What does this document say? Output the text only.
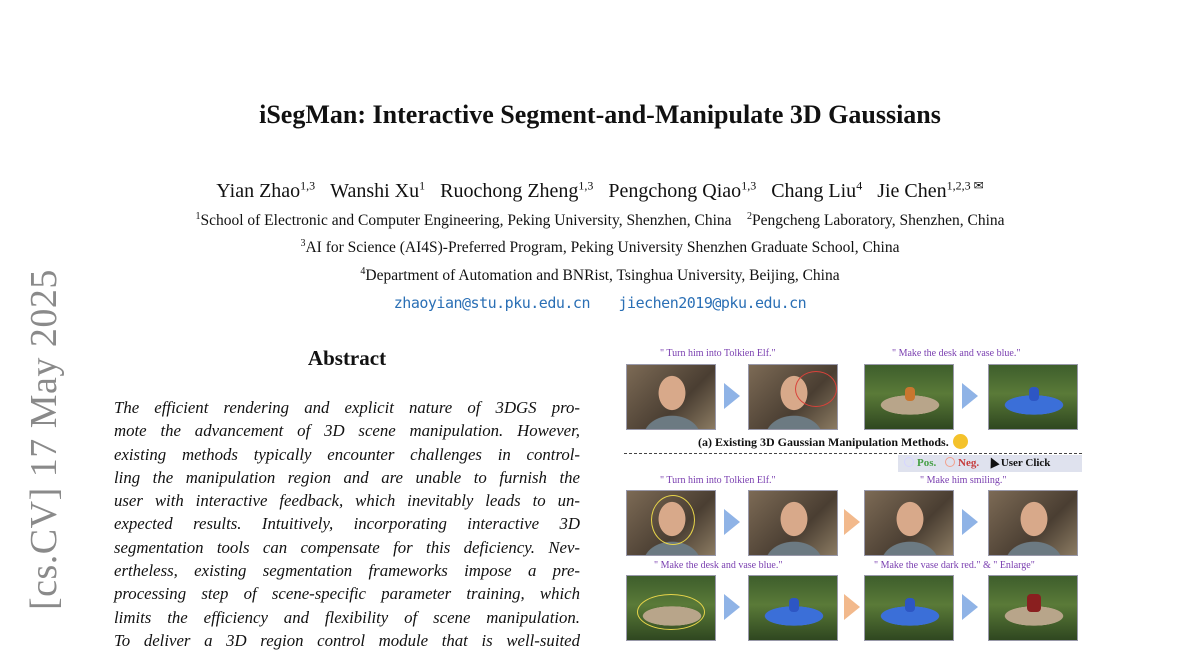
[cs.CV] 17 May 2025
iSegMan: Interactive Segment-and-Manipulate 3D Gaussians
Yian Zhao$^{1,3}$ Wanshi Xu$^1$ Ruochong Zheng$^{1,3}$ Pengchong Qiao$^{1,3}$ Chang Liu$^4$ Jie Chen$^{1,2,3 ✉}$
$^1$School of Electronic and Computer Engineering, Peking University, Shenzhen, China $^2$Pengcheng Laboratory, Shenzhen, China
$^3$AI for Science (AI4S)-Preferred Program, Peking University Shenzhen Graduate School, China
$^4$Department of Automation and BNRist, Tsinghua University, Beijing, China
zhaoyian@stu.pku.edu.cn jiechen2019@pku.edu.cn
Abstract
The efficient rendering and explicit nature of 3DGS pro-
mote the advancement of 3D scene manipulation. However,
existing methods typically encounter challenges in control-
ling the manipulation region and are unable to furnish the
user with interactive feedback, which inevitably leads to un-
expected results. Intuitively, incorporating interactive 3D
segmentation tools can compensate for this deficiency. Nev-
ertheless, existing segmentation frameworks impose a pre-
processing step of scene-specific parameter training, which
limits the efficiency and flexibility of scene manipulation.
To deliver a 3D region control module that is well-suited
" Turn him into Tolkien Elf."	" Make the desk and vase blue."
(a) Existing 3D Gaussian Manipulation Methods.
Pos. Neg. User Click
" Turn him into Tolkien Elf."	" Make him smiling."
" Make the desk and vase blue."	" Make the vase dark red." & " Enlarge"
